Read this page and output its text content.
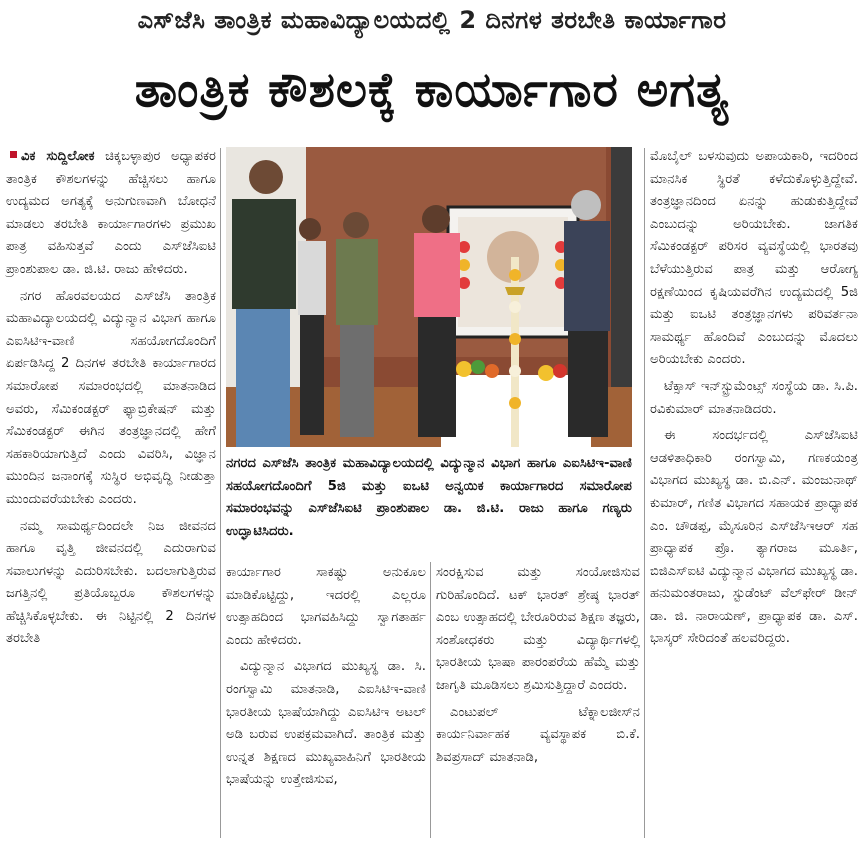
ಎಸ್‌ಜೆಸಿ ತಾಂತ್ರಿಕ ಮಹಾವಿದ್ಯಾಲಯದಲ್ಲಿ 2 ದಿನಗಳ ತರಬೇತಿ ಕಾರ್ಯಾಗಾರ
ತಾಂತ್ರಿಕ ಕೌಶಲಕ್ಕೆ ಕಾರ್ಯಾಗಾರ ಅಗತ್ಯ

ವಿಕ ಸುದ್ದಿಲೋಕ ಚಿಕ್ಕಬಳ್ಳಾಪುರ ಅಧ್ಯಾಪಕರ ತಾಂತ್ರಿಕ ಕೌಶಲಗಳನ್ನು ಹೆಚ್ಚಿಸಲು ಹಾಗೂ ಉದ್ಯಮದ ಅಗತ್ಯಕ್ಕೆ ಅನುಗುಣವಾಗಿ ಬೋಧನೆ ಮಾಡಲು ತರಬೇತಿ ಕಾರ್ಯಾಗಾರಗಳು ಪ್ರಮುಖ ಪಾತ್ರ ವಹಿಸುತ್ತವೆ ಎಂದು ಎಸ್‌ಜೆಸಿಐಟಿ ಪ್ರಾಂಶುಪಾಲ ಡಾ. ಜಿ.ಟಿ. ರಾಜು ಹೇಳಿದರು.

ನಗರ ಹೊರವಲಯದ ಎಸ್‌ಜೆಸಿ ತಾಂತ್ರಿಕ ಮಹಾವಿದ್ಯಾಲಯದಲ್ಲಿ ವಿದ್ಯುನ್ಮಾನ ವಿಭಾಗ ಹಾಗೂ ಎಐಸಿಟಿಇ-ವಾಣಿ ಸಹಯೋಗದೊಂದಿಗೆ ಏರ್ಪಡಿಸಿದ್ದ 2 ದಿನಗಳ ತರಬೇತಿ ಕಾರ್ಯಾಗಾರದ ಸಮಾರೋಪ ಸಮಾರಂಭದಲ್ಲಿ ಮಾತನಾಡಿದ ಅವರು, ಸೆಮಿಕಂಡಕ್ಟರ್ ಫ್ಯಾಬ್ರಿಕೇಷನ್ ಮತ್ತು ಸೆಮಿಕಂಡಕ್ಟರ್ ಈಗಿನ ತಂತ್ರಜ್ಞಾನದಲ್ಲಿ ಹೇಗೆ ಸಹಕಾರಿಯಾಗುತ್ತಿದೆ ಎಂದು ವಿವರಿಸಿ, ವಿಜ್ಞಾನ ಮುಂದಿನ ಜನಾಂಗಕ್ಕೆ ಸುಸ್ಥಿರ ಅಭಿವೃದ್ಧಿ ನೀಡುತ್ತಾ ಮುಂದುವರೆಯಬೇಕು ಎಂದರು.

ನಮ್ಮ ಸಾಮರ್ಥ್ಯದಿಂದಲೇ ನಿಜ ಜೀವನದ ಹಾಗೂ ವೃತ್ತಿ ಜೀವನದಲ್ಲಿ ಎದುರಾಗುವ ಸವಾಲುಗಳನ್ನು ಎದುರಿಸಬೇಕು. ಬದಲಾಗುತ್ತಿರುವ ಜಗತ್ತಿನಲ್ಲಿ ಪ್ರತಿಯೊಬ್ಬರೂ ಕೌಶಲಗಳನ್ನು ಹೆಚ್ಚಿಸಿಕೊಳ್ಳಬೇಕು. ಈ ನಿಟ್ಟಿನಲ್ಲಿ 2 ದಿನಗಳ ತರಬೇತಿ

ನಗರದ ಎಸ್‌ಜೆಸಿ ತಾಂತ್ರಿಕ ಮಹಾವಿದ್ಯಾಲಯದಲ್ಲಿ ವಿದ್ಯುನ್ಮಾನ ವಿಭಾಗ ಹಾಗೂ ಎಐಸಿಟಿಇ-ವಾಣಿ ಸಹಯೋಗದೊಂದಿಗೆ 5ಜಿ ಮತ್ತು ಐಒಟಿ ಅನ್ವಯಿಕ ಕಾರ್ಯಾಗಾರದ ಸಮಾರೋಪ ಸಮಾರಂಭವನ್ನು ಎಸ್‌ಜೆಸಿಐಟಿ ಪ್ರಾಂಶುಪಾಲ ಡಾ. ಜಿ.ಟಿ. ರಾಜು ಹಾಗೂ ಗಣ್ಯರು ಉದ್ಘಾಟಿಸಿದರು.

ಕಾರ್ಯಾಗಾರ ಸಾಕಷ್ಟು ಅನುಕೂಲ ಮಾಡಿಕೊಟ್ಟಿದ್ದು, ಇದರಲ್ಲಿ ಎಲ್ಲರೂ ಉತ್ಸಾಹದಿಂದ ಭಾಗವಹಿಸಿದ್ದು ಸ್ವಾಗತಾರ್ಹ ಎಂದು ಹೇಳಿದರು.

ವಿದ್ಯುನ್ಮಾನ ವಿಭಾಗದ ಮುಖ್ಯಸ್ಥ ಡಾ. ಸಿ. ರಂಗಸ್ವಾಮಿ ಮಾತನಾಡಿ, ಎಐಸಿಟಿಇ-ವಾಣಿ ಭಾರತೀಯ ಭಾಷೆಯಾಗಿದ್ದು ಎಐಸಿಟಿಇ ಅಟಲ್ ಅಡಿ ಬರುವ ಉಪಕ್ರಮವಾಗಿದೆ. ತಾಂತ್ರಿಕ ಮತ್ತು ಉನ್ನತ ಶಿಕ್ಷಣದ ಮುಖ್ಯವಾಹಿನಿಗೆ ಭಾರತೀಯ ಭಾಷೆಯನ್ನು ಉತ್ತೇಜಿಸುವ,

ಸಂರಕ್ಷಿಸುವ ಮತ್ತು ಸಂಯೋಜಿಸುವ ಗುರಿಹೊಂದಿದೆ. ಟಕ್ ಭಾರತ್ ಶ್ರೇಷ್ಠ ಭಾರತ್ ಎಂಬ ಉತ್ಸಾಹದಲ್ಲಿ ಬೇರೂರಿರುವ ಶಿಕ್ಷಣ ತಜ್ಞರು, ಸಂಶೋಧಕರು ಮತ್ತು ವಿದ್ಯಾರ್ಥಿಗಳಲ್ಲಿ ಭಾರತೀಯ ಭಾಷಾ ಪಾರಂಪರೆಯ ಹೆಮ್ಮೆ ಮತ್ತು ಜಾಗೃತಿ ಮೂಡಿಸಲು ಶ್ರಮಿಸುತ್ತಿದ್ದಾರೆ ಎಂದರು.

ಎಂಟುಪಲ್ ಟೆಕ್ನಾಲಜೀಸ್‌ನ ಕಾರ್ಯನಿರ್ವಾಹಕ ವ್ಯವಸ್ಥಾಪಕ ಬಿ.ಕೆ. ಶಿವಪ್ರಸಾದ್ ಮಾತನಾಡಿ,

ಮೊಬೈಲ್ ಬಳಸುವುದು ಅಪಾಯಕಾರಿ, ಇದರಿಂದ ಮಾನಸಿಕ ಸ್ಥಿರತೆ ಕಳೆದುಕೊಳ್ಳುತ್ತಿದ್ದೇವೆ. ತಂತ್ರಜ್ಞಾನದಿಂದ ಏನನ್ನು ಹುಡುಕುತ್ತಿದ್ದೇವೆ ಎಂಬುದನ್ನು ಅರಿಯಬೇಕು. ಜಾಗತಿಕ ಸೆಮಿಕಂಡಕ್ಟರ್ ಪರಿಸರ ವ್ಯವಸ್ಥೆಯಲ್ಲಿ ಭಾರತವು ಬೆಳೆಯುತ್ತಿರುವ ಪಾತ್ರ ಮತ್ತು ಆರೋಗ್ಯ ರಕ್ಷಣೆಯಿಂದ ಕೃಷಿಯವರೆಗಿನ ಉದ್ಯಮದಲ್ಲಿ 5ಜಿ ಮತ್ತು ಐಒಟಿ ತಂತ್ರಜ್ಞಾನಗಳು ಪರಿವರ್ತನಾ ಸಾಮರ್ಥ್ಯ ಹೊಂದಿವೆ ಎಂಬುದನ್ನು ಮೊದಲು ಅರಿಯಬೇಕು ಎಂದರು.

ಟೆಕ್ಸಾಸ್ ಇನ್‌ಸ್ಟ್ರುಮೆಂಟ್ಸ್ ಸಂಸ್ಥೆಯ ಡಾ. ಸಿ.ಪಿ. ರವಿಕುಮಾರ್ ಮಾತನಾಡಿದರು.

ಈ ಸಂದರ್ಭದಲ್ಲಿ ಎಸ್‌ಜೆಸಿಐಟಿ ಆಡಳಿತಾಧಿಕಾರಿ ರಂಗಸ್ವಾಮಿ, ಗಣಕಯಂತ್ರ ವಿಭಾಗದ ಮುಖ್ಯಸ್ಥ ಡಾ. ಬಿ.ಎನ್. ಮಂಜುನಾಥ್ ಕುಮಾರ್, ಗಣಿತ ವಿಭಾಗದ ಸಹಾಯಕ ಪ್ರಾಧ್ಯಾಪಕ ಎಂ. ಚೌಡಪ್ಪ, ಮೈಸೂರಿನ ಎಸ್‌ಜೆಸಿಇಆರ್ ಸಹ ಪ್ರಾಧ್ಯಾಪಕ ಪ್ರೊ. ತ್ಯಾಗರಾಜ ಮೂರ್ತಿ, ಬಿಜಿಎಸ್‌ಐಟಿ ವಿದ್ಯುನ್ಮಾನ ವಿಭಾಗದ ಮುಖ್ಯಸ್ಥ ಡಾ. ಹನುಮಂತರಾಜು, ಸ್ಟುಡೆಂಟ್ ವೆಲ್‌ಫೇರ್ ಡೀನ್ ಡಾ. ಜಿ. ನಾರಾಯಣ್, ಪ್ರಾಧ್ಯಾಪಕ ಡಾ. ಎಸ್. ಭಾಸ್ಕರ್ ಸೇರಿದಂತೆ ಹಲವರಿದ್ದರು.
